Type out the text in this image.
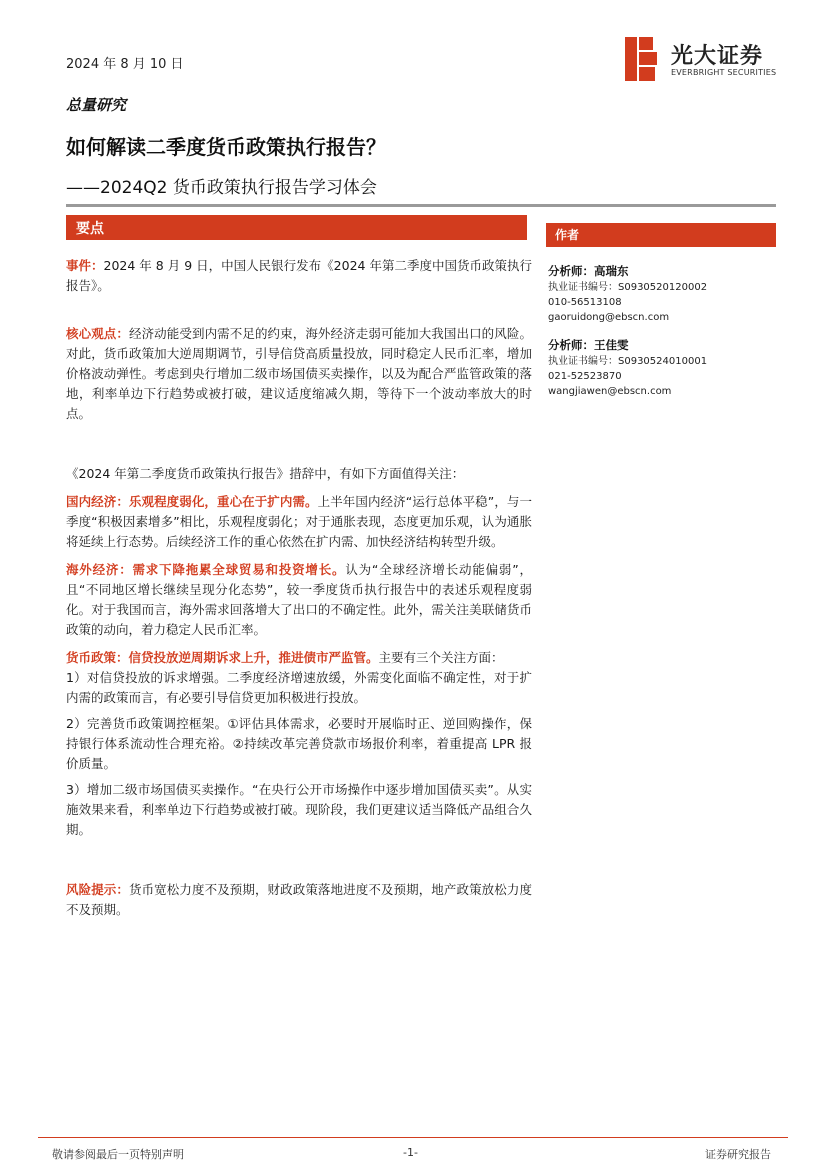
2024 年 8 月 10 日	光大证券
EVERBRIGHT SECURITIES
总量研究
如何解读二季度货币政策执行报告？
——2024Q2 货币政策执行报告学习体会
要点	作者

事件：2024 年 8 月 9 日，中国人民银行发布《2024 年第二季度中国货币政策执行报告》。

核心观点：经济动能受到内需不足的约束，海外经济走弱可能加大我国出口的风险。对此，货币政策加大逆周期调节，引导信贷高质量投放，同时稳定人民币汇率，增加价格波动弹性。考虑到央行增加二级市场国债买卖操作，以及为配合严监管政策的落地，利率单边下行趋势或被打破，建议适度缩减久期，等待下一个波动率放大的时点。

《2024 年第二季度货币政策执行报告》措辞中，有如下方面值得关注：

国内经济：乐观程度弱化，重心在于扩内需。上半年国内经济“运行总体平稳”，与一季度“积极因素增多”相比，乐观程度弱化；对于通胀表现，态度更加乐观，认为通胀将延续上行态势。后续经济工作的重心依然在扩内需、加快经济结构转型升级。

海外经济：需求下降拖累全球贸易和投资增长。认为“全球经济增长动能偏弱”，且“不同地区增长继续呈现分化态势”，较一季度货币执行报告中的表述乐观程度弱化。对于我国而言，海外需求回落增大了出口的不确定性。此外，需关注美联储货币政策的动向，着力稳定人民币汇率。

货币政策：信贷投放逆周期诉求上升，推进债市严监管。主要有三个关注方面：

1）对信贷投放的诉求增强。二季度经济增速放缓，外需变化面临不确定性，对于扩内需的政策而言，有必要引导信贷更加积极进行投放。

2）完善货币政策调控框架。①评估具体需求，必要时开展临时正、逆回购操作，保持银行体系流动性合理充裕。②持续改革完善贷款市场报价利率，着重提高 LPR 报价质量。

3）增加二级市场国债买卖操作。“在央行公开市场操作中逐步增加国债买卖”。从实施效果来看，利率单边下行趋势或被打破。现阶段，我们更建议适当降低产品组合久期。

风险提示：货币宽松力度不及预期，财政政策落地进度不及预期，地产政策放松力度不及预期。

分析师：高瑞东
执业证书编号：S0930520120002
010-56513108
gaoruidong@ebscn.com
分析师：王佳雯
执业证书编号：S0930524010001
021-52523870
wangjiawen@ebscn.com
敬请参阅最后一页特别声明	-1-	证券研究报告
